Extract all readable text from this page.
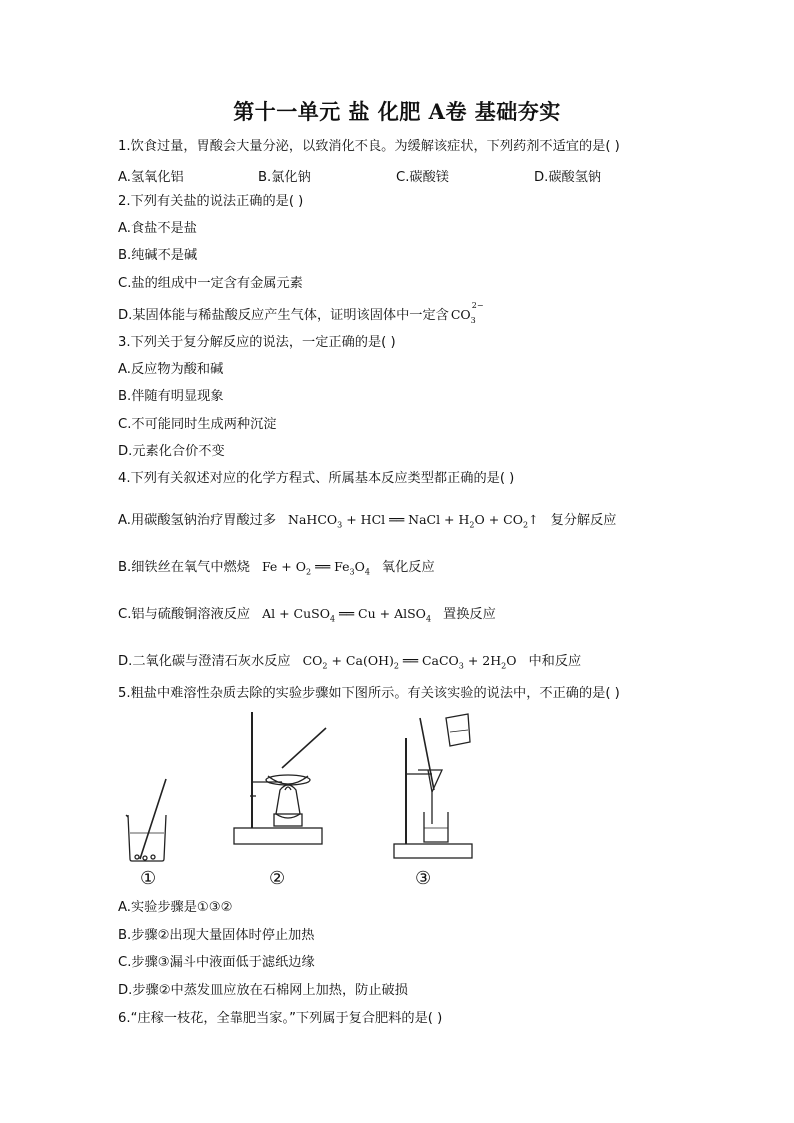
第十一单元 盐 化肥 A卷 基础夯实
1.饮食过量，胃酸会大量分泌，以致消化不良。为缓解该症状，下列药剂不适宜的是( )
A.氢氧化铝	B.氯化钠	C.碳酸镁	D.碳酸氢钠
2.下列有关盐的说法正确的是( )
A.食盐不是盐
B.纯碱不是碱
C.盐的组成中一定含有金属元素
D.某固体能与稀盐酸反应产生气体，证明该固体中一定含 $CO_3^{2-}$
3.下列关于复分解反应的说法，一定正确的是( )
A.反应物为酸和碱
B.伴随有明显现象
C.不可能同时生成两种沉淀
D.元素化合价不变
4.下列有关叙述对应的化学方程式、所属基本反应类型都正确的是( )
A.用碳酸氢钠治疗胃酸过多 NaHCO$_3$ + HCl ══ NaCl + $H_2O$ + $CO_2↑$ 复分解反应
B.细铁丝在氧气中燃烧 $Fe + O_2$ ══ $Fe_3O_4$ 氧化反应
C.铝与硫酸铜溶液反应 Al + CuSO$_4$ ══ Cu + AlSO$_4$ 置换反应
D.二氧化碳与澄清石灰水反应 $CO_2 + Ca(OH)_2$ ══ CaCO$_3$ + $2H_2O$ 中和反应
5.粗盐中难溶性杂质去除的实验步骤如下图所示。有关该实验的说法中，不正确的是( )
①	②	③
A.实验步骤是①③②
B.步骤②出现大量固体时停止加热
C.步骤③漏斗中液面低于滤纸边缘
D.步骤②中蒸发皿应放在石棉网上加热，防止破损
6.“庄稼一枝花，全靠肥当家。”下列属于复合肥料的是( )
